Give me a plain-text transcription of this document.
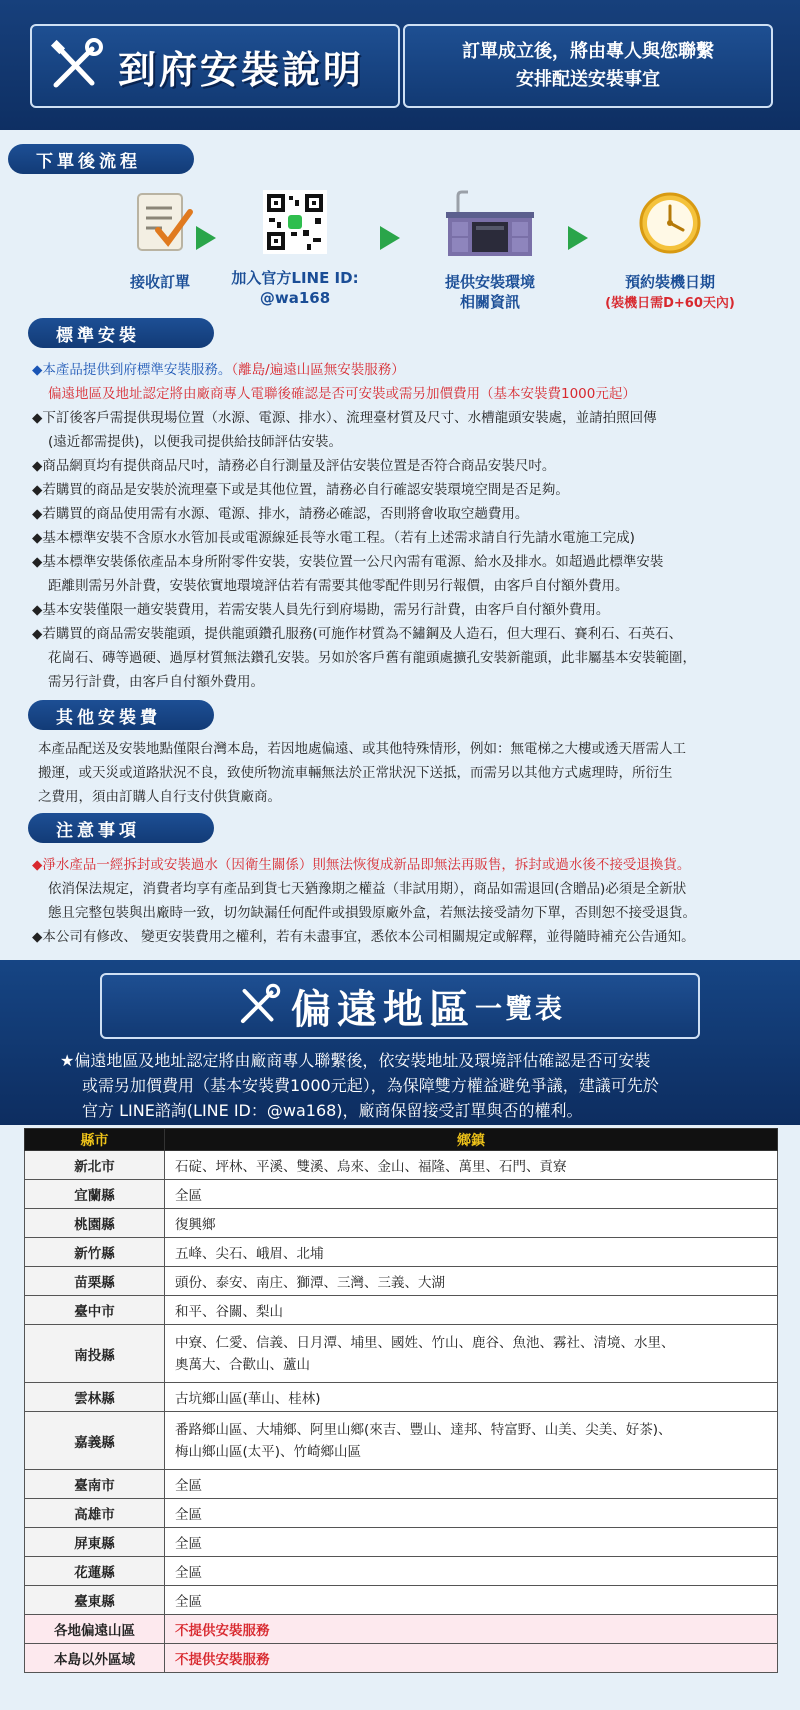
到府安裝說明	訂單成立後，將由專人與您聯繫
安排配送安裝事宜
下單後流程
接收訂單	加入官方LINE ID:
@wa168
提供安裝環境
相關資訊
預約裝機日期
(裝機日需D+60天內)
標準安裝

◆本產品提供到府標準安裝服務。（離島/遍遠山區無安裝服務）

偏遠地區及地址認定將由廠商專人電聯後確認是否可安裝或需另加價費用（基本安裝費1000元起）

◆下訂後客戶需提供現場位置（水源、電源、排水）、流理臺材質及尺寸、水槽龍頭安裝處，並請拍照回傳

(遠近都需提供)，以便我司提供給技師評估安裝。

◆商品網頁均有提供商品尺吋，請務必自行測量及評估安裝位置是否符合商品安裝尺吋。

◆若購買的商品是安裝於流理臺下或是其他位置，請務必自行確認安裝環境空間是否足夠。

◆若購買的商品使用需有水源、電源、排水，請務必確認，否則將會收取空趟費用。

◆基本標準安裝不含原水水管加長或電源線延長等水電工程。（若有上述需求請自行先請水電施工完成)

◆基本標準安裝係依產品本身所附零件安裝，安裝位置一公尺內需有電源、給水及排水。如超過此標準安裝

距離則需另外計費，安裝依實地環境評估若有需要其他零配件則另行報價，由客戶自付額外費用。

◆基本安裝僅限一趟安裝費用，若需安裝人員先行到府場勘，需另行計費，由客戶自付額外費用。

◆若購買的商品需安裝龍頭，提供龍頭鑽孔服務(可施作材質為不鏽鋼及人造石，但大理石、賽利石、石英石、

花崗石、磚等過硬、過厚材質無法鑽孔安裝。另如於客戶舊有龍頭處擴孔安裝新龍頭，此非屬基本安裝範圍，

需另行計費，由客戶自付額外費用。

其他安裝費

本產品配送及安裝地點僅限台灣本島，若因地處偏遠、或其他特殊情形，例如：無電梯之大樓或透天厝需人工

搬運，或天災或道路狀況不良，致使所物流車輛無法於正常狀況下送抵，而需另以其他方式處理時，所衍生

之費用，須由訂購人自行支付供貨廠商。

注意事項

◆淨水產品一經拆封或安裝過水（因衛生關係）則無法恢復成新品即無法再販售，拆封或過水後不接受退換貨。

依消保法規定，消費者均享有產品到貨七天猶豫期之權益（非試用期），商品如需退回(含贈品)必須是全新狀

態且完整包裝與出廠時一致，切勿缺漏任何配件或損毀原廠外盒，若無法接受請勿下單，否則恕不接受退貨。

◆本公司有修改、 變更安裝費用之權利，若有未盡事宜，悉依本公司相關規定或解釋，並得隨時補充公告通知。

偏遠地區 一覽表

★偏遠地區及地址認定將由廠商專人聯繫後，依安裝地址及環境評估確認是否可安裝

或需另加價費用（基本安裝費1000元起），為保障雙方權益避免爭議，建議可先於

官方 LINE諮詢(LINE ID：@wa168)，廠商保留接受訂單與否的權利。

縣市	鄉鎮
新北市	石碇、坪林、平溪、雙溪、烏來、金山、福隆、萬里、石門、貢寮
宜蘭縣	全區
桃園縣	復興鄉
新竹縣	五峰、尖石、峨眉、北埔
苗栗縣	頭份、泰安、南庄、獅潭、三灣、三義、大湖
臺中市	和平、谷關、梨山
南投縣	中寮、仁愛、信義、日月潭、埔里、國姓、竹山、鹿谷、魚池、霧社、清境、水里、
奧萬大、合歡山、蘆山

雲林縣	古坑鄉山區(華山、桂林)
嘉義縣	番路鄉山區、大埔鄉、阿里山鄉(來吉、豐山、達邦、特富野、山美、尖美、好茶)、
梅山鄉山區(太平)、竹崎鄉山區

臺南市	全區
高雄市	全區
屏東縣	全區
花蓮縣	全區
臺東縣	全區
各地偏遠山區	不提供安裝服務
本島以外區域	不提供安裝服務
